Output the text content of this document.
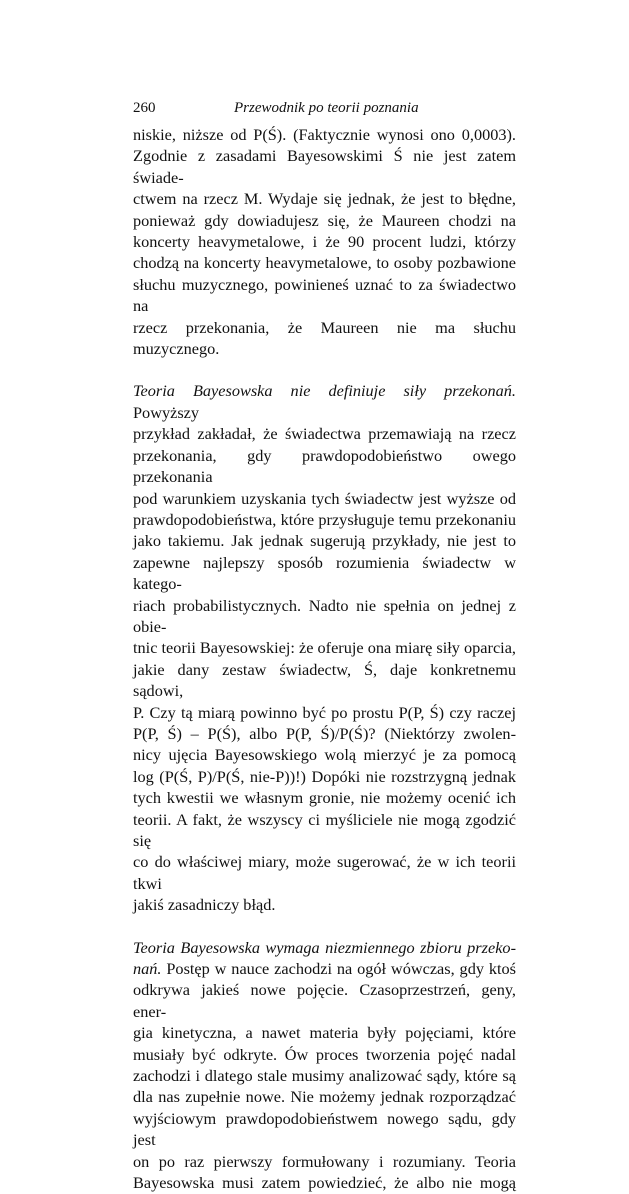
260	Przewodnik po teorii poznania
niskie, niższe od P(Ś). (Faktycznie wynosi ono 0,0003).
Zgodnie z zasadami Bayesowskimi Ś nie jest zatem świade-
ctwem na rzecz M. Wydaje się jednak, że jest to błędne,
ponieważ gdy dowiadujesz się, że Maureen chodzi na
koncerty heavymetalowe, i że 90 procent ludzi, którzy
chodzą na koncerty heavymetalowe, to osoby pozbawione
słuchu muzycznego, powinieneś uznać to za świadectwo na
rzecz przekonania, że Maureen nie ma słuchu muzycznego.
Teoria Bayesowska nie definiuje siły przekonań. Powyższy
przykład zakładał, że świadectwa przemawiają na rzecz
przekonania, gdy prawdopodobieństwo owego przekonania
pod warunkiem uzyskania tych świadectw jest wyższe od
prawdopodobieństwa, które przysługuje temu przekonaniu
jako takiemu. Jak jednak sugerują przykłady, nie jest to
zapewne najlepszy sposób rozumienia świadectw w katego-
riach probabilistycznych. Nadto nie spełnia on jednej z obie-
tnic teorii Bayesowskiej: że oferuje ona miarę siły oparcia,
jakie dany zestaw świadectw, Ś, daje konkretnemu sądowi,
P. Czy tą miarą powinno być po prostu P(P, Ś) czy raczej
P(P, Ś) – P(Ś), albo P(P, Ś)/P(Ś)? (Niektórzy zwolen-
nicy ujęcia Bayesowskiego wolą mierzyć je za pomocą
log (P(Ś, P)/P(Ś, nie-P))!) Dopóki nie rozstrzygną jednak
tych kwestii we własnym gronie, nie możemy ocenić ich
teorii. A fakt, że wszyscy ci myśliciele nie mogą zgodzić się
co do właściwej miary, może sugerować, że w ich teorii tkwi
jakiś zasadniczy błąd.
Teoria Bayesowska wymaga niezmiennego zbioru przeko-
nań. Postęp w nauce zachodzi na ogół wówczas, gdy ktoś
odkrywa jakieś nowe pojęcie. Czasoprzestrzeń, geny, ener-
gia kinetyczna, a nawet materia były pojęciami, które
musiały być odkryte. Ów proces tworzenia pojęć nadal
zachodzi i dlatego stale musimy analizować sądy, które są
dla nas zupełnie nowe. Nie możemy jednak rozporządzać
wyjściowym prawdopodobieństwem nowego sądu, gdy jest
on po raz pierwszy formułowany i rozumiany. Teoria
Bayesowska musi zatem powiedzieć, że albo nie mogą
